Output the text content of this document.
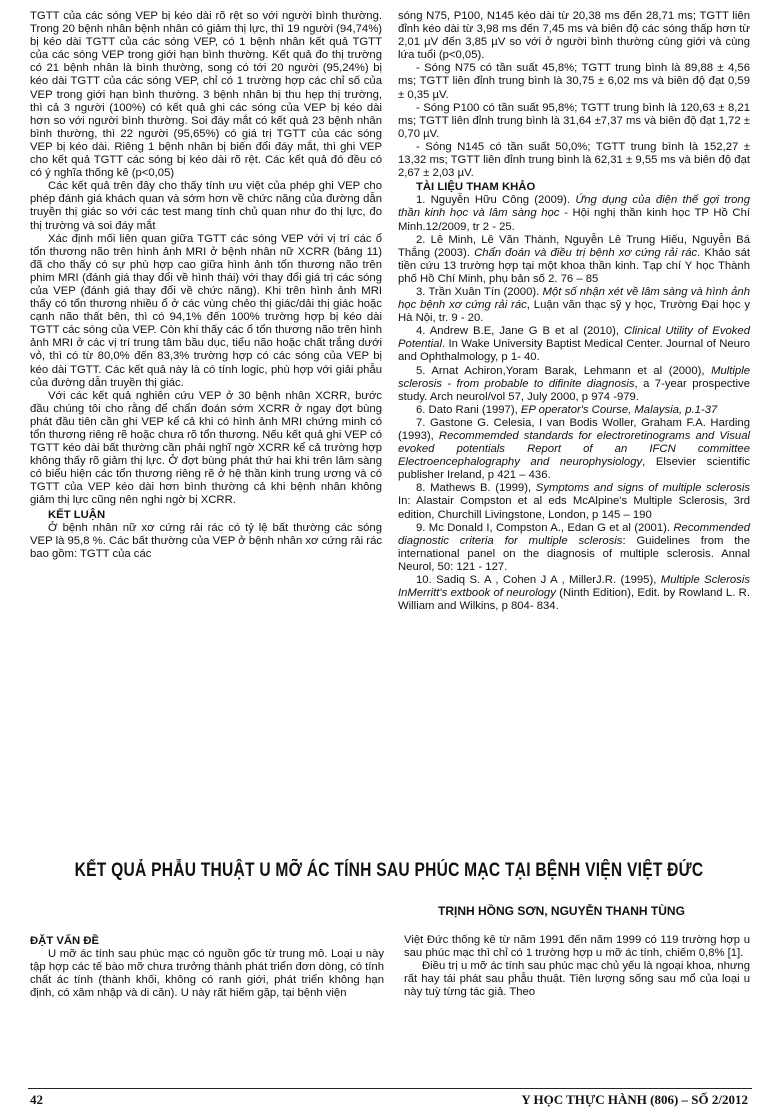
TGTT của các sóng VEP bị kéo dài rõ rệt so với người bình thường. Trong 20 bệnh nhân bệnh nhân có giảm thị lực, thì 19 người (94,74%) bị kéo dài TGTT của các sóng VEP, có 1 bệnh nhân kết quả TGTT của các sóng VEP trong giới hạn bình thường. Kết quả đo thị trường có 21 bệnh nhân là bình thường, song có tới 20 người (95,24%) bị kéo dài TGTT của các sóng VEP, chỉ có 1 trường hợp các chỉ số của VEP trong giới hạn bình thường. 3 bệnh nhân bị thu hẹp thị trường, thì cả 3 người (100%) có kết quả ghi các sóng của VEP bị kéo dài hơn so với người bình thường. Soi đáy mắt có kết quả 23 bệnh nhân bình thường, thì 22 người (95,65%) có giá trị TGTT của các sóng VEP bị kéo dài. Riêng 1 bệnh nhân bị biến đổi đáy mắt, thì ghi VEP cho kết quả TGTT các sóng bị kéo dài rõ rệt. Các kết quả đó đều có có ý nghĩa thống kê (p<0,05)

Các kết quả trên đây cho thấy tính ưu việt của phép ghi VEP cho phép đánh giá khách quan và sớm hơn về chức năng của đường dẫn truyền thị giác so với các test mang tính chủ quan như đo thị lực, đo thị trường và soi đáy mắt

Xác định mối liên quan giữa TGTT các sóng VEP với vị trí các ổ tổn thương não trên hình ảnh MRI ở bệnh nhân nữ XCRR (bảng 11) đã cho thấy có sự phù hợp cao giữa hình ảnh tổn thương não trên phim MRI (đánh giá thay đổi về hình thái) với thay đổi giá trị các sóng của VEP (đánh giá thay đổi về chức năng). Khi trên hình ảnh MRI thấy có tổn thương nhiều ổ ở các vùng chẻo thị giác/dải thị giác hoặc cạnh não thất bên, thì có 94,1% đến 100% trường hợp bị kéo dài TGTT các sóng của VEP. Còn khi thấy các ổ tổn thương não trên hình ảnh MRI ở các vị trí trung tâm bầu dục, tiểu não hoặc chất trắng dưới vỏ, thì có từ 80,0% đến 83,3% trường hợp có các sóng của VEP bị kéo dài TGTT. Các kết quả này là có tính logic, phù hợp với giải phẫu của đường dẫn truyền thị giác.

Với các kết quả nghiên cứu VEP ở 30 bệnh nhân XCRR, bước đầu chúng tôi cho rằng để chẩn đoán sớm XCRR ở ngay đợt bùng phát đầu tiên cần ghi VEP kể cả khi có hình ảnh MRI chứng minh có tổn thương riêng rẽ hoặc chưa rõ tổn thương. Nếu kết quả ghi VEP có TGTT kéo dài bất thường cần phải nghĩ ngờ XCRR kể cả trường hợp không thấy rõ giảm thị lực. Ở đợt bùng phát thứ hai khi trên lâm sàng có biểu hiện các tổn thương riêng rẽ ở hệ thần kinh trung ương và có TGTT của VEP kéo dài hơn bình thường cả khi bệnh nhân không giảm thị lực cũng nên nghi ngờ bị XCRR.

KẾT LUẬN

Ở bệnh nhân nữ xơ cứng rải rác có tỷ lệ bất thường các sóng VEP là 95,8 %. Các bất thường của VEP ở bệnh nhân xơ cứng rải rác bao gồm: TGTT của các

sóng N75, P100, N145 kéo dài từ 20,38 ms đến 28,71 ms; TGTT liên đỉnh kéo dài từ 3,98 ms đến 7,45 ms và biên độ các sóng thấp hơn từ 2,01 µV đến 3,85 µV so với ở người bình thường cùng giới và cùng lứa tuổi (p<0,05).

- Sóng N75 có tần suất 45,8%; TGTT trung bình là 89,88 ± 4,56 ms; TGTT liên đỉnh trung bình là 30,75 ± 6,02 ms và biên độ đạt 0,59 ± 0,35 µV.

- Sóng P100 có tần suất 95,8%; TGTT trung bình là 120,63 ± 8,21 ms; TGTT liên đỉnh trung bình là 31,64 ±7,37 ms và biên độ đạt 1,72 ± 0,70 µV.

- Sóng N145 có tần suất 50,0%; TGTT trung bình là 152,27 ± 13,32 ms; TGTT liên đỉnh trung bình là 62,31 ± 9,55 ms và biên độ đạt 2,67 ± 2,03 µV.

TÀI LIỆU THAM KHẢO

1. Nguyễn Hữu Công (2009). Ứng dụng của điện thế gợi trong thần kinh học và lâm sàng học - Hội nghị thần kinh học TP Hồ Chí Minh.12/2009, tr 2 - 25.

2. Lê Minh, Lê Văn Thành, Nguyễn Lê Trung Hiếu, Nguyễn Bá Thắng (2003). Chẩn đoán và điều trị bệnh xơ cứng rải rác. Khảo sát tiền cứu 13 trường hợp tại một khoa thần kinh. Tạp chí Y học Thành phố Hồ Chí Minh, phụ bản số 2. 76 – 85

3. Trần Xuân Tín (2000). Một số nhận xét về lâm sàng và hình ảnh học bệnh xơ cứng rải rác, Luận văn thạc sỹ y học, Trường Đại học y Hà Nội, tr. 9 - 20.

4. Andrew B.E, Jane G B et al (2010), Clinical Utility of Evoked Potential. In Wake University Baptist Medical Center. Journal of Neuro and Ophthalmology, p 1- 40.

5. Arnat Achiron,Yoram Barak, Lehmann et al (2000), Multiple sclerosis - from probable to difinite diagnosis, a 7-year prospective study. Arch neurol/vol 57, July 2000, p 974 -979.

6. Dato Rani (1997), EP operator's Course, Malaysia, p.1-37

7. Gastone G. Celesia, I van Bodis Woller, Graham F.A. Harding (1993), Recommemded standards for electroretinograms and Visual evoked potentials Report of an IFCN committee Electroencephalography and neurophysiology, Elsevier scientific publisher Ireland, p 421 – 436.

8. Mathews B. (1999), Symptoms and signs of multiple sclerosis In: Alastair Compston et al eds McAlpine's Multiple Sclerosis, 3rd edition, Churchill Livingstone, London, p 145 – 190

9. Mc Donald I, Compston A., Edan G et al (2001). Recommended diagnostic criteria for multiple sclerosis: Guidelines from the international panel on the diagnosis of multiple sclerosis. Annal Neurol, 50: 121 - 127.

10. Sadiq S. A , Cohen J A , MillerJ.R. (1995), Multiple Sclerosis InMerritt's extbook of neurology (Ninth Edition), Edit. by Rowland L. R. William and Wilkins, p 804- 834.

KẾT QUẢ PHẪU THUẬT U MỠ ÁC TÍNH SAU PHÚC MẠC TẠI BỆNH VIỆN VIỆT ĐỨC
TRỊNH HỒNG SƠN, NGUYỄN THANH TÙNG
ĐẶT VẤN ĐỀ

U mỡ ác tính sau phúc mạc có nguồn gốc từ trung mô. Loại u này tập hợp các tế bào mỡ chưa trưởng thành phát triển đơn dòng, có tính chất ác tính (thành khối, không có ranh giới, phát triển không hạn định, có xâm nhập và di căn). U này rất hiếm gặp, tại bệnh viện

Việt Đức thống kê từ năm 1991 đến năm 1999 có 119 trường hợp u sau phúc mạc thì chỉ có 1 trường hợp u mỡ ác tính, chiếm 0,8% [1].

Điều trị u mỡ ác tính sau phúc mạc chủ yếu là ngoại khoa, nhưng rất hay tái phát sau phẫu thuật. Tiên lượng sống sau mổ của loại u này tuỳ từng tác giả. Theo

42	Y HỌC THỰC HÀNH (806) – SỐ 2/2012
